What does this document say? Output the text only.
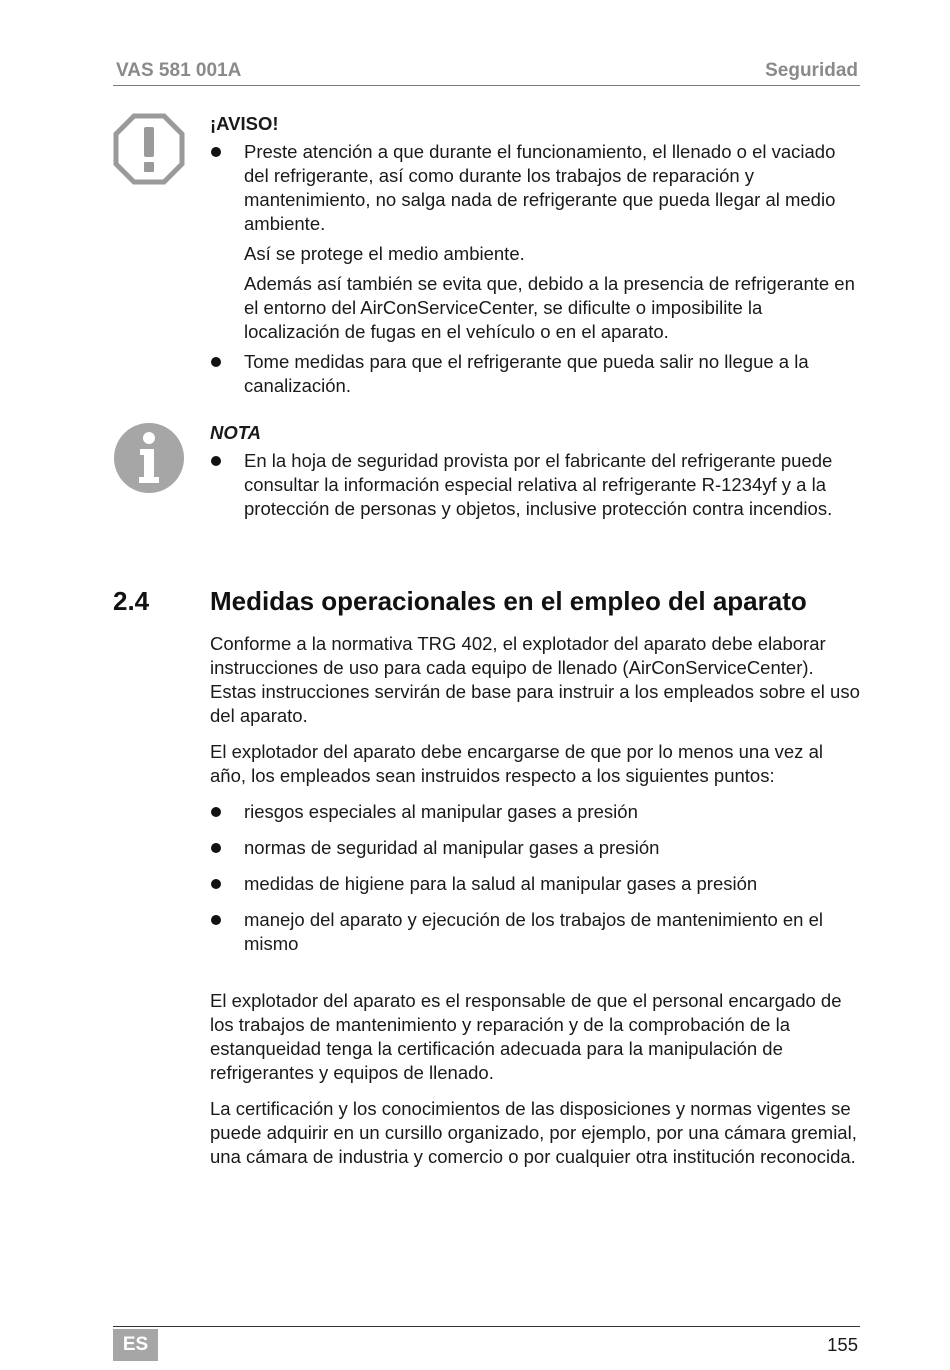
VAS 581 001A	Seguridad
¡AVISO!
Preste atención a que durante el funcionamiento, el llenado o el vaciado del refrigerante, así como durante los trabajos de reparación y mantenimiento, no salga nada de refrigerante que pueda llegar al medio ambiente.
Así se protege el medio ambiente.
Además así también se evita que, debido a la presencia de refrigerante en el entorno del AirConServiceCenter, se dificulte o imposibilite la localización de fugas en el vehículo o en el aparato.
Tome medidas para que el refrigerante que pueda salir no llegue a la canalización.
NOTA
En la hoja de seguridad provista por el fabricante del refrigerante puede consultar la información especial relativa al refrigerante R-1234yf y a la protección de personas y objetos, inclusive protección contra incendios.
2.4 Medidas operacionales en el empleo del aparato

Conforme a la normativa TRG 402, el explotador del aparato debe elaborar instrucciones de uso para cada equipo de llenado (AirConServiceCenter). Estas instrucciones servirán de base para instruir a los empleados sobre el uso del aparato.

El explotador del aparato debe encargarse de que por lo menos una vez al año, los empleados sean instruidos respecto a los siguientes puntos:

riesgos especiales al manipular gases a presión
normas de seguridad al manipular gases a presión
medidas de higiene para la salud al manipular gases a presión
manejo del aparato y ejecución de los trabajos de mantenimiento en el mismo

El explotador del aparato es el responsable de que el personal encargado de los trabajos de mantenimiento y reparación y de la comprobación de la estanqueidad tenga la certificación adecuada para la manipulación de refrigerantes y equipos de llenado.

La certificación y los conocimientos de las disposiciones y normas vigentes se puede adquirir en un cursillo organizado, por ejemplo, por una cámara gremial, una cámara de industria y comercio o por cualquier otra institución reconocida.

ES	155
